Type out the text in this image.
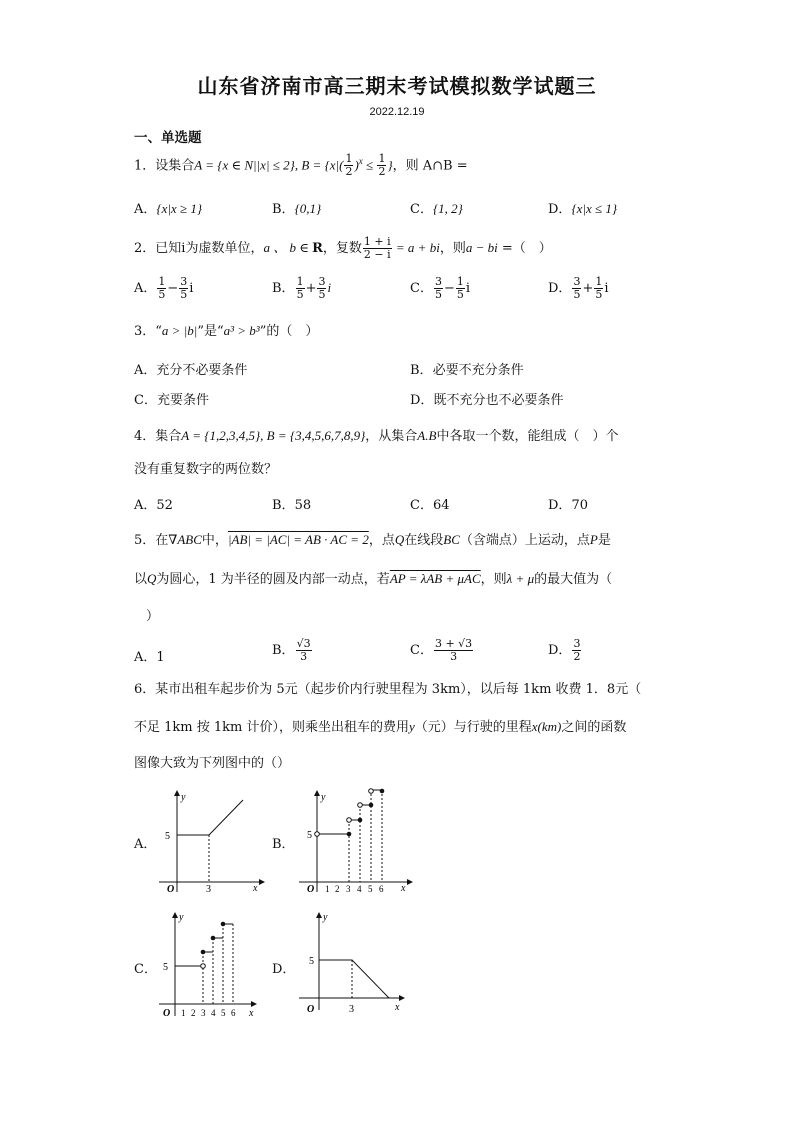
山东省济南市高三期末考试模拟数学试题三
2022.12.19
一、单选题
1．设集合A = {x ∈ N||x| ≤ 2}, $B = \{x|( \frac{1}{2} )^x \le \frac{1}{2}$ }，则 A∩B =
A．{x|x ≥ 1}	B．{0,1}	C．{1, 2}	D．{x|x ≤ 1}
2．已知i为虚数单位，a 、 b ∈ R，复数 $\frac{1 + i}{2 - i} = a$ + bi，则a − bi =（　）
A． $\frac{1}{5} - \frac{3}{5}$ i	B． $\frac{1}{5} + \frac{3}{5}$ i	C． $\frac{3}{5} - \frac{1}{5}$ i	D． $\frac{3}{5} + \frac{1}{5}$ i
3．“a > |b|”是“a³ > b³”的（　）
A．充分不必要条件	B．必要不充分条件
C．充要条件	D．既不充分也不必要条件
4．集合A = {1,2,3,4,5}, B = {3,4,5,6,7,8,9}，从集合A.B中各取一个数，能组成（　）个
没有重复数字的两位数？
A．52	B．58	C．64	D．70
5．在∇ABC中，|AB| = |AC| = AB · AC = 2，点Q在线段BC（含端点）上运动，点P是
以Q为圆心，1 为半径的圆及内部一动点，若AP = λAB + μAC，则λ + μ的最大值为（
）
A．1	B． $\frac{√3}{3}$	C． $\frac{3 + √3}{3}$	D． $\frac{3}{2}$
6．某市出租车起步价为 5元（起步价内行驶里程为 3km），以后每 1km 收费 1．8元（
不足 1km 按 1km 计价），则乘坐出租车的费用y（元）与行驶的里程x(km)之间的函数
图像大致为下列图中的（）
A．	B．
C．	D．
y
x
O
5
3
y
x
O
5
1 2 3 4 5 6
y
x
O
5
1 2 3 4 5 6
y
x
O
5
3
